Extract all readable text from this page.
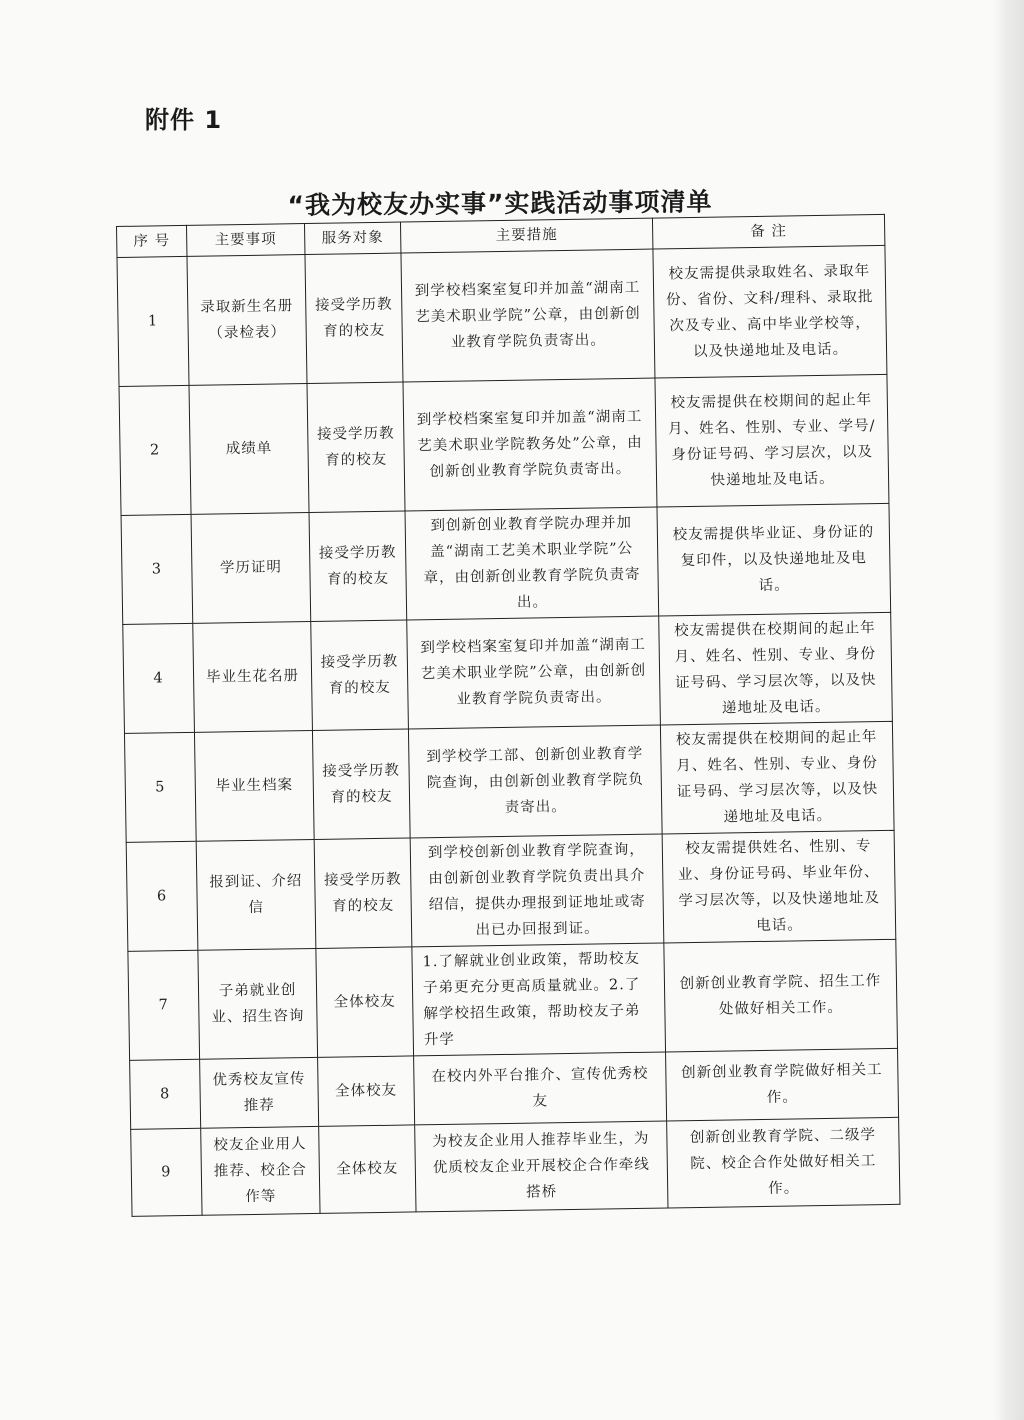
附件 1
“我为校友办实事”实践活动事项清单
序 号	主要事项	服务对象	主要措施	备 注
1	录取新生名册（录检表）	接受学历教育的校友	到学校档案室复印并加盖“湖南工艺美术职业学院”公章，由创新创业教育学院负责寄出。	校友需提供录取姓名、录取年份、省份、文科/理科、录取批次及专业、高中毕业学校等，以及快递地址及电话。
2	成绩单	接受学历教育的校友	到学校档案室复印并加盖“湖南工艺美术职业学院教务处”公章，由创新创业教育学院负责寄出。	校友需提供在校期间的起止年月、姓名、性别、专业、学号/身份证号码、学习层次，以及快递地址及电话。
3	学历证明	接受学历教育的校友	到创新创业教育学院办理并加盖“湖南工艺美术职业学院”公章，由创新创业教育学院负责寄出。	校友需提供毕业证、身份证的复印件，以及快递地址及电话。
4	毕业生花名册	接受学历教育的校友	到学校档案室复印并加盖“湖南工艺美术职业学院”公章，由创新创业教育学院负责寄出。	校友需提供在校期间的起止年月、姓名、性别、专业、身份证号码、学习层次等，以及快递地址及电话。
5	毕业生档案	接受学历教育的校友	到学校学工部、创新创业教育学院查询，由创新创业教育学院负责寄出。	校友需提供在校期间的起止年月、姓名、性别、专业、身份证号码、学习层次等，以及快递地址及电话。
6	报到证、介绍信	接受学历教育的校友	到学校创新创业教育学院查询，由创新创业教育学院负责出具介绍信，提供办理报到证地址或寄出已办回报到证。	校友需提供姓名、性别、专业、身份证号码、毕业年份、学习层次等，以及快递地址及电话。
7	子弟就业创业、招生咨询	全体校友	1.了解就业创业政策，帮助校友子弟更充分更高质量就业。2.了解学校招生政策，帮助校友子弟升学	创新创业教育学院、招生工作处做好相关工作。
8	优秀校友宣传推荐	全体校友	在校内外平台推介、宣传优秀校友	创新创业教育学院做好相关工作。
9	校友企业用人推荐、校企合作等	全体校友	为校友企业用人推荐毕业生，为优质校友企业开展校企合作牵线搭桥	创新创业教育学院、二级学院、校企合作处做好相关工作。
